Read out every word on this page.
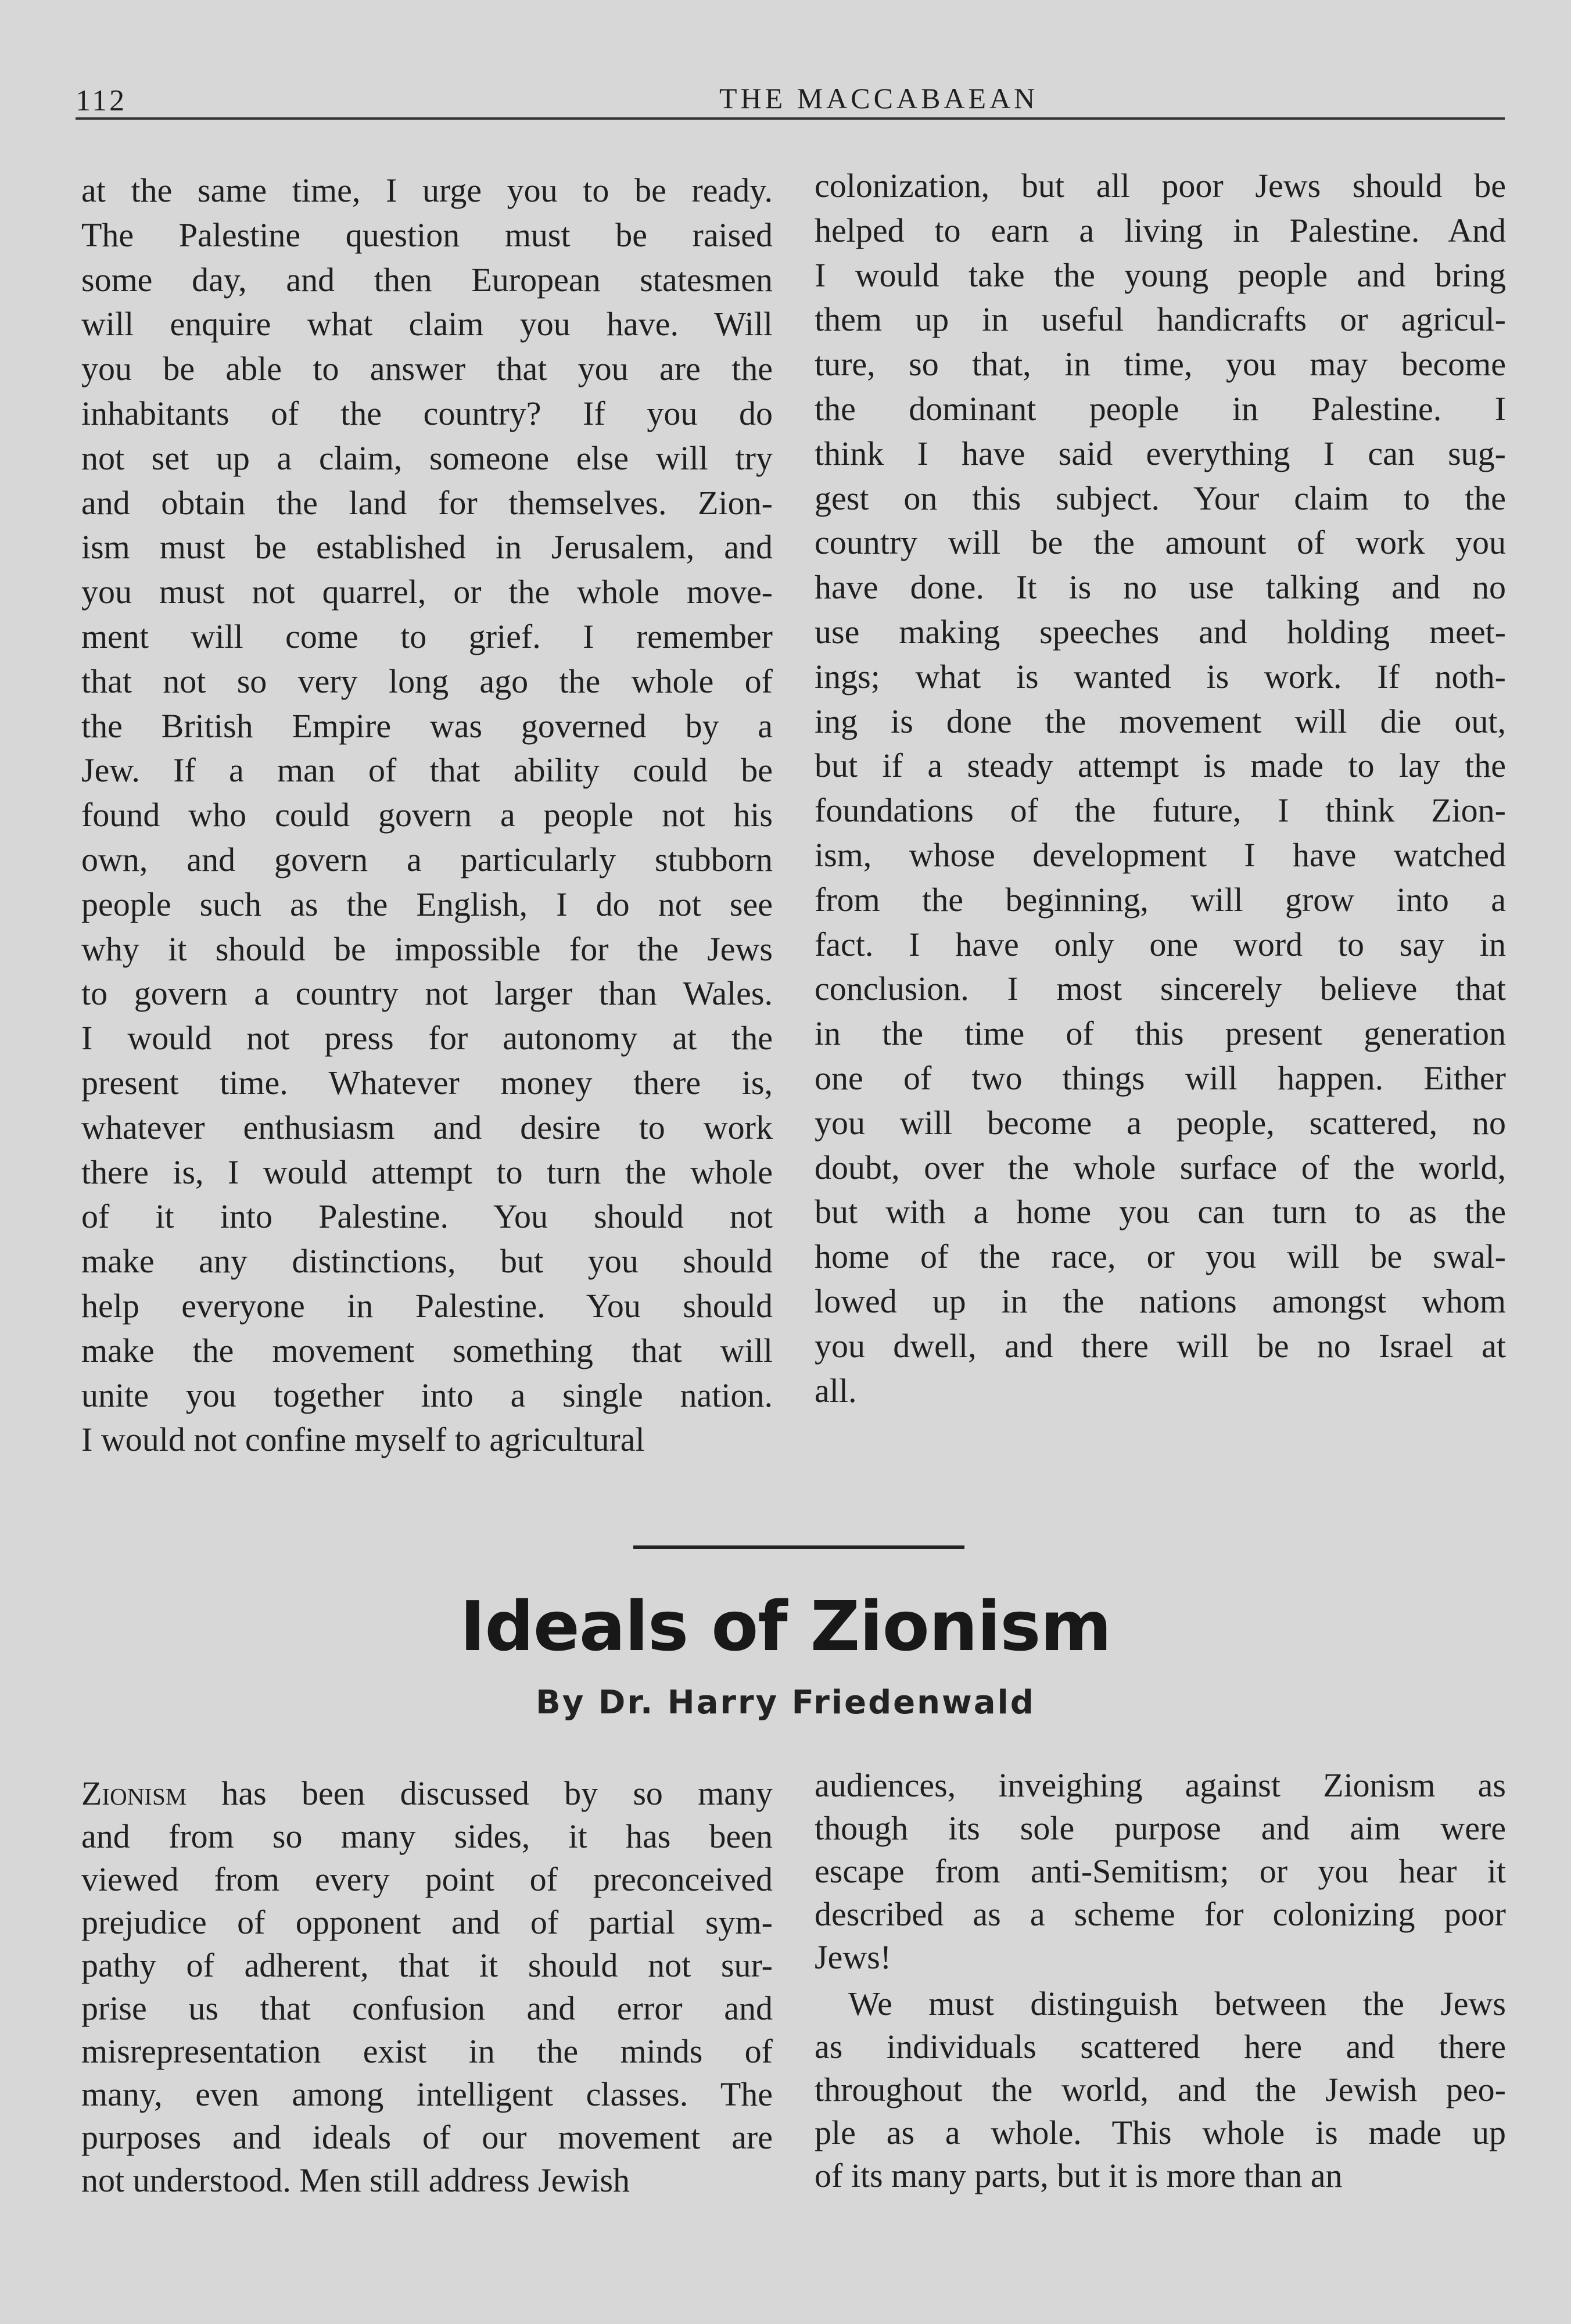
112	THE MACCABAEAN

at the same time, I urge you to be ready.
The Palestine question must be raised
some day, and then European statesmen
will enquire what claim you have. Will
you be able to answer that you are the
inhabitants of the country? If you do
not set up a claim, someone else will try
and obtain the land for themselves. Zion-
ism must be established in Jerusalem, and
you must not quarrel, or the whole move-
ment will come to grief. I remember
that not so very long ago the whole of
the British Empire was governed by a
Jew. If a man of that ability could be
found who could govern a people not his
own, and govern a particularly stubborn
people such as the English, I do not see
why it should be impossible for the Jews
to govern a country not larger than Wales.
I would not press for autonomy at the
present time. Whatever money there is,
whatever enthusiasm and desire to work
there is, I would attempt to turn the whole
of it into Palestine. You should not
make any distinctions, but you should
help everyone in Palestine. You should
make the movement something that will
unite you together into a single nation.
I would not confine myself to agricultural

colonization, but all poor Jews should be
helped to earn a living in Palestine. And
I would take the young people and bring
them up in useful handicrafts or agricul-
ture, so that, in time, you may become
the dominant people in Palestine. I
think I have said everything I can sug-
gest on this subject. Your claim to the
country will be the amount of work you
have done. It is no use talking and no
use making speeches and holding meet-
ings; what is wanted is work. If noth-
ing is done the movement will die out,
but if a steady attempt is made to lay the
foundations of the future, I think Zion-
ism, whose development I have watched
from the beginning, will grow into a
fact. I have only one word to say in
conclusion. I most sincerely believe that
in the time of this present generation
one of two things will happen. Either
you will become a people, scattered, no
doubt, over the whole surface of the world,
but with a home you can turn to as the
home of the race, or you will be swal-
lowed up in the nations amongst whom
you dwell, and there will be no Israel at
all.

Ideals of Zionism
By Dr. Harry Friedenwald

Zionism has been discussed by so many
and from so many sides, it has been
viewed from every point of preconceived
prejudice of opponent and of partial sym-
pathy of adherent, that it should not sur-
prise us that confusion and error and
misrepresentation exist in the minds of
many, even among intelligent classes. The
purposes and ideals of our movement are
not understood. Men still address Jewish

audiences, inveighing against Zionism as
though its sole purpose and aim were
escape from anti-Semitism; or you hear it
described as a scheme for colonizing poor
Jews!

We must distinguish between the Jews
as individuals scattered here and there
throughout the world, and the Jewish peo-
ple as a whole. This whole is made up
of its many parts, but it is more than an
